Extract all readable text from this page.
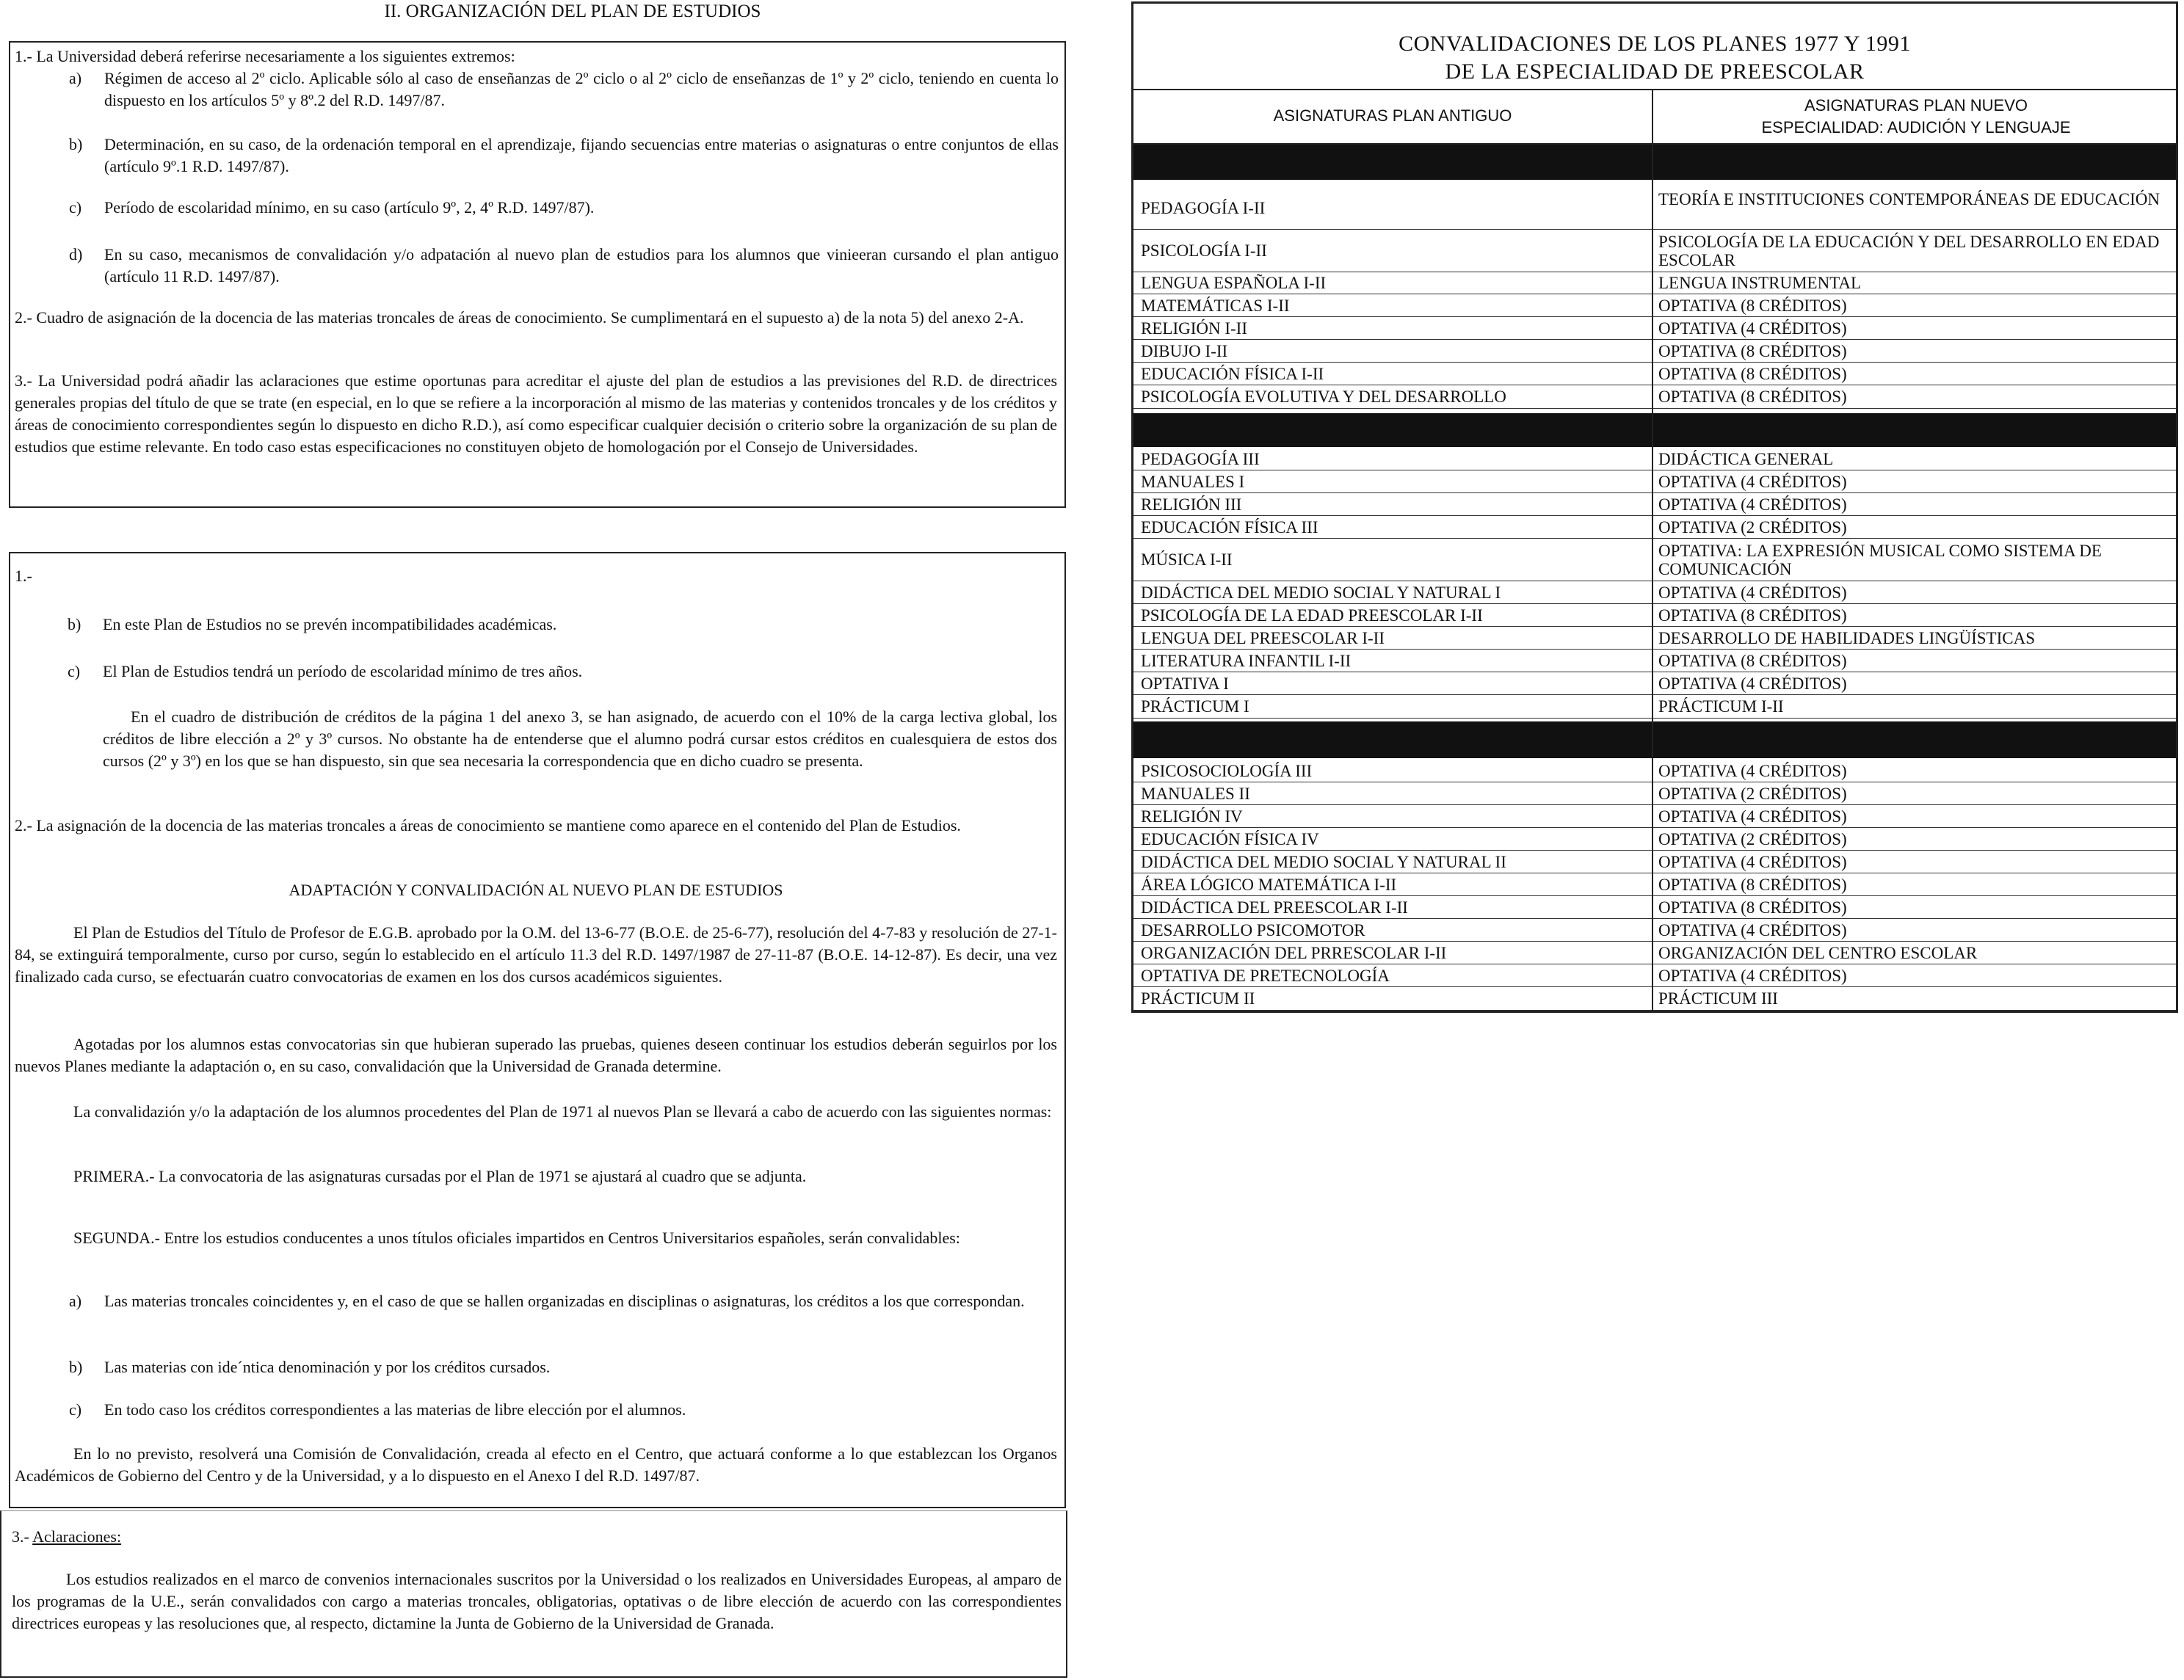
II. ORGANIZACIÓN DEL PLAN DE ESTUDIOS

1.- La Universidad deberá referirse necesariamente a los siguientes extremos:

a) Régimen de acceso al 2º ciclo. Aplicable sólo al caso de enseñanzas de 2º ciclo o al 2º ciclo de enseñanzas de 1º y 2º ciclo, teniendo en cuenta lo dispuesto en los artículos 5º y 8º.2 del R.D. 1497/87.

b) Determinación, en su caso, de la ordenación temporal en el aprendizaje, fijando secuencias entre materias o asignaturas o entre conjuntos de ellas (artículo 9º.1 R.D. 1497/87).

c) Período de escolaridad mínimo, en su caso (artículo 9º, 2, 4º R.D. 1497/87).

d) En su caso, mecanismos de convalidación y/o adpatación al nuevo plan de estudios para los alumnos que vinieeran cursando el plan antiguo (artículo 11 R.D. 1497/87).

2.- Cuadro de asignación de la docencia de las materias troncales de áreas de conocimiento. Se cumplimentará en el supuesto a) de la nota 5) del anexo 2-A.

3.- La Universidad podrá añadir las aclaraciones que estime oportunas para acreditar el ajuste del plan de estudios a las previsiones del R.D. de directrices generales propias del título de que se trate (en especial, en lo que se refiere a la incorporación al mismo de las materias y contenidos troncales y de los créditos y áreas de conocimiento correspondientes según lo dispuesto en dicho R.D.), así como especificar cualquier decisión o criterio sobre la organización de su plan de estudios que estime relevante. En todo caso estas especificaciones no constituyen objeto de homologación por el Consejo de Universidades.

1.-

b) En este Plan de Estudios no se prevén incompatibilidades académicas.

c) El Plan de Estudios tendrá un período de escolaridad mínimo de tres años.

En el cuadro de distribución de créditos de la página 1 del anexo 3, se han asignado, de acuerdo con el 10% de la carga lectiva global, los créditos de libre elección a 2º y 3º cursos. No obstante ha de entenderse que el alumno podrá cursar estos créditos en cualesquiera de estos dos cursos (2º y 3º) en los que se han dispuesto, sin que sea necesaria la correspondencia que en dicho cuadro se presenta.

2.- La asignación de la docencia de las materias troncales a áreas de conocimiento se mantiene como aparece en el contenido del Plan de Estudios.

ADAPTACIÓN Y CONVALIDACIÓN AL NUEVO PLAN DE ESTUDIOS

El Plan de Estudios del Título de Profesor de E.G.B. aprobado por la O.M. del 13-6-77 (B.O.E. de 25-6-77), resolución del 4-7-83 y resolución de 27-1-84, se extinguirá temporalmente, curso por curso, según lo establecido en el artículo 11.3 del R.D. 1497/1987 de 27-11-87 (B.O.E. 14-12-87). Es decir, una vez finalizado cada curso, se efectuarán cuatro convocatorias de examen en los dos cursos académicos siguientes.

Agotadas por los alumnos estas convocatorias sin que hubieran superado las pruebas, quienes deseen continuar los estudios deberán seguirlos por los nuevos Planes mediante la adaptación o, en su caso, convalidación que la Universidad de Granada determine.

La convalidazión y/o la adaptación de los alumnos procedentes del Plan de 1971 al nuevos Plan se llevará a cabo de acuerdo con las siguientes normas:

PRIMERA.- La convocatoria de las asignaturas cursadas por el Plan de 1971 se ajustará al cuadro que se adjunta.

SEGUNDA.- Entre los estudios conducentes a unos títulos oficiales impartidos en Centros Universitarios españoles, serán convalidables:

a) Las materias troncales coincidentes y, en el caso de que se hallen organizadas en disciplinas o asignaturas, los créditos a los que correspondan.

b) Las materias con ide´ntica denominación y por los créditos cursados.

c) En todo caso los créditos correspondientes a las materias de libre elección por el alumnos.

En lo no previsto, resolverá una Comisión de Convalidación, creada al efecto en el Centro, que actuará conforme a lo que establezcan los Organos Académicos de Gobierno del Centro y de la Universidad, y a lo dispuesto en el Anexo I del R.D. 1497/87.

3.- Aclaraciones:

Los estudios realizados en el marco de convenios internacionales suscritos por la Universidad o los realizados en Universidades Europeas, al amparo de los programas de la U.E., serán convalidados con cargo a materias troncales, obligatorias, optativas o de libre elección de acuerdo con las correspondientes directrices europeas y las resoluciones que, al respecto, dictamine la Junta de Gobierno de la Universidad de Granada.

CONVALIDACIONES DE LOS PLANES 1977 Y 1991
DE LA ESPECIALIDAD DE PREESCOLAR
ASIGNATURAS PLAN ANTIGUO
ASIGNATURAS PLAN NUEVO
ESPECIALIDAD: AUDICIÓN Y LENGUAJE
PEDAGOGÍA I-II	TEORÍA E INSTITUCIONES CONTEMPORÁNEAS DE EDUCACIÓN
PSICOLOGÍA I-II	PSICOLOGÍA DE LA EDUCACIÓN Y DEL DESARROLLO EN EDAD ESCOLAR
LENGUA ESPAÑOLA I-II	LENGUA INSTRUMENTAL
MATEMÁTICAS I-II	OPTATIVA (8 CRÉDITOS)
RELIGIÓN I-II	OPTATIVA (4 CRÉDITOS)
DIBUJO I-II	OPTATIVA (8 CRÉDITOS)
EDUCACIÓN FÍSICA I-II	OPTATIVA (8 CRÉDITOS)
PSICOLOGÍA EVOLUTIVA Y DEL DESARROLLO	OPTATIVA (8 CRÉDITOS)
PEDAGOGÍA III	DIDÁCTICA GENERAL
MANUALES I	OPTATIVA (4 CRÉDITOS)
RELIGIÓN III	OPTATIVA (4 CRÉDITOS)
EDUCACIÓN FÍSICA III	OPTATIVA (2 CRÉDITOS)
MÚSICA I-II	OPTATIVA: LA EXPRESIÓN MUSICAL COMO SISTEMA DE COMUNICACIÓN
DIDÁCTICA DEL MEDIO SOCIAL Y NATURAL I	OPTATIVA (4 CRÉDITOS)
PSICOLOGÍA DE LA EDAD PREESCOLAR I-II	OPTATIVA (8 CRÉDITOS)
LENGUA DEL PREESCOLAR I-II	DESARROLLO DE HABILIDADES LINGÜÍSTICAS
LITERATURA INFANTIL I-II	OPTATIVA (8 CRÉDITOS)
OPTATIVA I	OPTATIVA (4 CRÉDITOS)
PRÁCTICUM I	PRÁCTICUM I-II
PSICOSOCIOLOGÍA III	OPTATIVA (4 CRÉDITOS)
MANUALES II	OPTATIVA (2 CRÉDITOS)
RELIGIÓN IV	OPTATIVA (4 CRÉDITOS)
EDUCACIÓN FÍSICA IV	OPTATIVA (2 CRÉDITOS)
DIDÁCTICA DEL MEDIO SOCIAL Y NATURAL II	OPTATIVA (4 CRÉDITOS)
ÁREA LÓGICO MATEMÁTICA I-II	OPTATIVA (8 CRÉDITOS)
DIDÁCTICA DEL PREESCOLAR I-II	OPTATIVA (8 CRÉDITOS)
DESARROLLO PSICOMOTOR	OPTATIVA (4 CRÉDITOS)
ORGANIZACIÓN DEL PRRESCOLAR I-II	ORGANIZACIÓN DEL CENTRO ESCOLAR
OPTATIVA DE PRETECNOLOGÍA	OPTATIVA (4 CRÉDITOS)
PRÁCTICUM II	PRÁCTICUM III
